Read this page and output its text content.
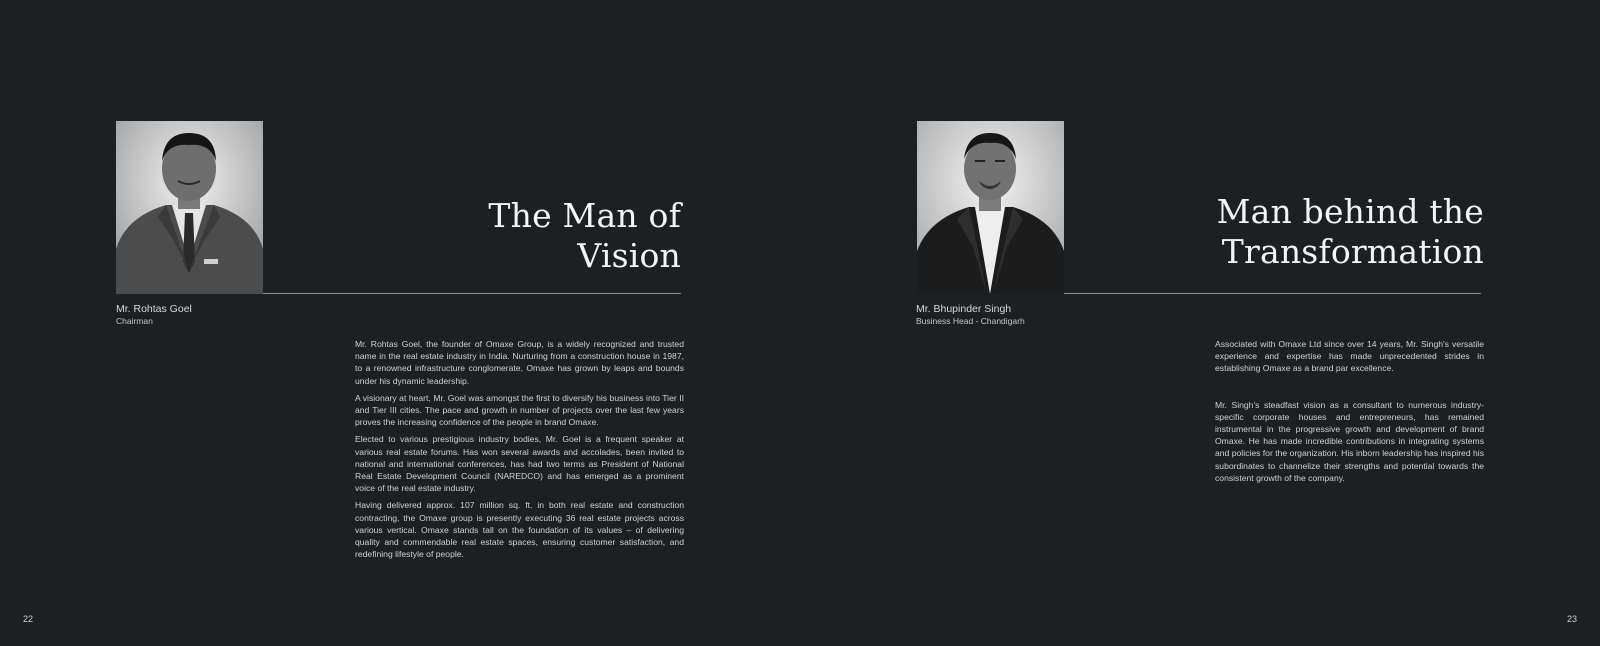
The Man of
Vision
Mr. Rohtas Goel
Chairman

Mr. Rohtas Goel, the founder of Omaxe Group, is a widely recognized and trusted name in the real estate industry in India. Nurturing from a construction house in 1987, to a renowned infrastructure conglomerate, Omaxe has grown by leaps and bounds under his dynamic leadership.

A visionary at heart, Mr. Goel was amongst the first to diversify his business into Tier II and Tier III cities. The pace and growth in number of projects over the last few years proves the increasing confidence of the people in brand Omaxe.

Elected to various prestigious industry bodies, Mr. Goel is a frequent speaker at various real estate forums. Has won several awards and accolades, been invited to national and international conferences, has had two terms as President of National Real Estate Development Council (NAREDCO) and has emerged as a prominent voice of the real estate industry.

Having delivered approx. 107 million sq. ft. in both real estate and construction contracting, the Omaxe group is presently executing 36 real estate projects across various vertical. Omaxe stands tall on the foundation of its values – of delivering quality and commendable real estate spaces, ensuring customer satisfaction, and redefining lifestyle of people.

22
Man behind the
Transformation
Mr. Bhupinder Singh
Business Head - Chandigarh

Associated with Omaxe Ltd since over 14 years, Mr. Singh's versatile experience and expertise has made unprecedented strides in establishing Omaxe as a brand par excellence.

Mr. Singh's steadfast vision as a consultant to numerous industry-specific corporate houses and entrepreneurs, has remained instrumental in the progressive growth and development of brand Omaxe. He has made incredible contributions in integrating systems and policies for the organization. His inborn leadership has inspired his subordinates to channelize their strengths and potential towards the consistent growth of the company.

23
